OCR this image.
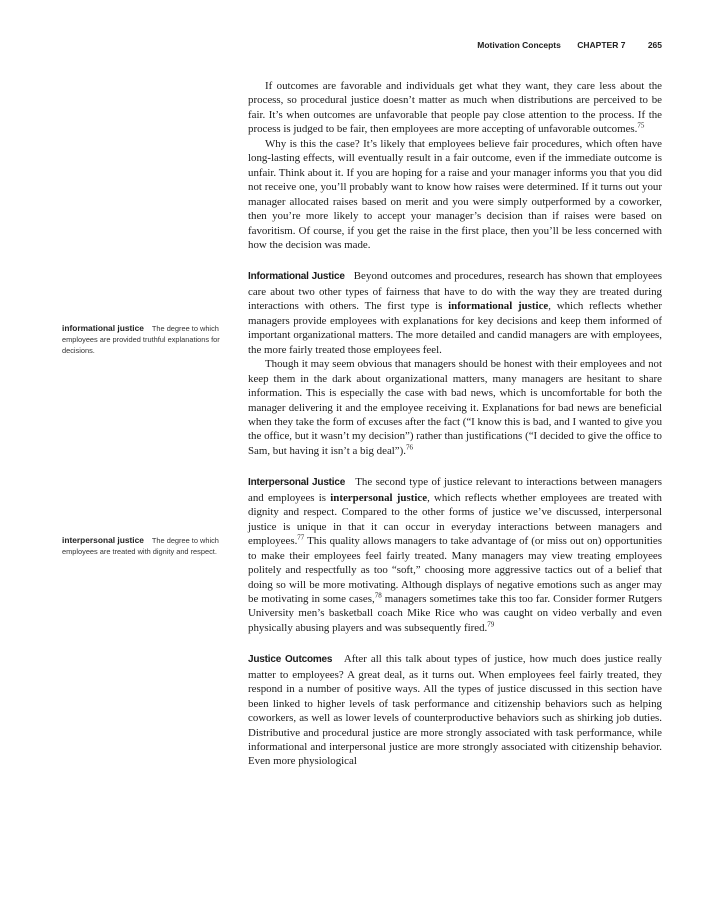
Motivation Concepts CHAPTER 7	265
informational justice The degree to which employees are provided truthful explanations for decisions.
interpersonal justice The degree to which employees are treated with dignity and respect.

If outcomes are favorable and individuals get what they want, they care less about the process, so procedural justice doesn’t matter as much when distributions are perceived to be fair. It’s when outcomes are unfavorable that people pay close attention to the process. If the process is judged to be fair, then employees are more accepting of unfavorable outcomes.$^{75}$

Why is this the case? It’s likely that employees believe fair procedures, which often have long-lasting effects, will eventually result in a fair outcome, even if the immediate outcome is unfair. Think about it. If you are hoping for a raise and your manager informs you that you did not receive one, you’ll probably want to know how raises were determined. If it turns out your manager allocated raises based on merit and you were simply outperformed by a coworker, then you’re more likely to accept your manager’s decision than if raises were based on favoritism. Of course, if you get the raise in the first place, then you’ll be less concerned with how the decision was made.

Informational Justice Beyond outcomes and procedures, research has shown that employees care about two other types of fairness that have to do with the way they are treated during interactions with others. The first type is informational justice, which reflects whether managers provide employees with explanations for key decisions and keep them informed of important organizational matters. The more detailed and candid managers are with employees, the more fairly treated those employees feel.

Though it may seem obvious that managers should be honest with their employees and not keep them in the dark about organizational matters, many managers are hesitant to share information. This is especially the case with bad news, which is uncomfortable for both the manager delivering it and the employee receiving it. Explanations for bad news are beneficial when they take the form of excuses after the fact (“I know this is bad, and I wanted to give you the office, but it wasn’t my decision”) rather than justifications (“I decided to give the office to Sam, but having it isn’t a big deal”).$^{76}$

Interpersonal Justice The second type of justice relevant to interactions between managers and employees is interpersonal justice, which reflects whether employees are treated with dignity and respect. Compared to the other forms of justice we’ve discussed, interpersonal justice is unique in that it can occur in everyday interactions between managers and employees.$^{77}$ This quality allows managers to take advantage of (or miss out on) opportunities to make their employees feel fairly treated. Many managers may view treating employees politely and respectfully as too “soft,” choosing more aggressive tactics out of a belief that doing so will be more motivating. Although displays of negative emotions such as anger may be motivating in some cases,$^{78}$ managers sometimes take this too far. Consider former Rutgers University men’s basketball coach Mike Rice who was caught on video verbally and even physically abusing players and was subsequently fired.$^{79}$

Justice Outcomes After all this talk about types of justice, how much does justice really matter to employees? A great deal, as it turns out. When employees feel fairly treated, they respond in a number of positive ways. All the types of justice discussed in this section have been linked to higher levels of task performance and citizenship behaviors such as helping coworkers, as well as lower levels of counterproductive behaviors such as shirking job duties. Distributive and procedural justice are more strongly associated with task performance, while informational and interpersonal justice are more strongly associated with citizenship behavior. Even more physiological
